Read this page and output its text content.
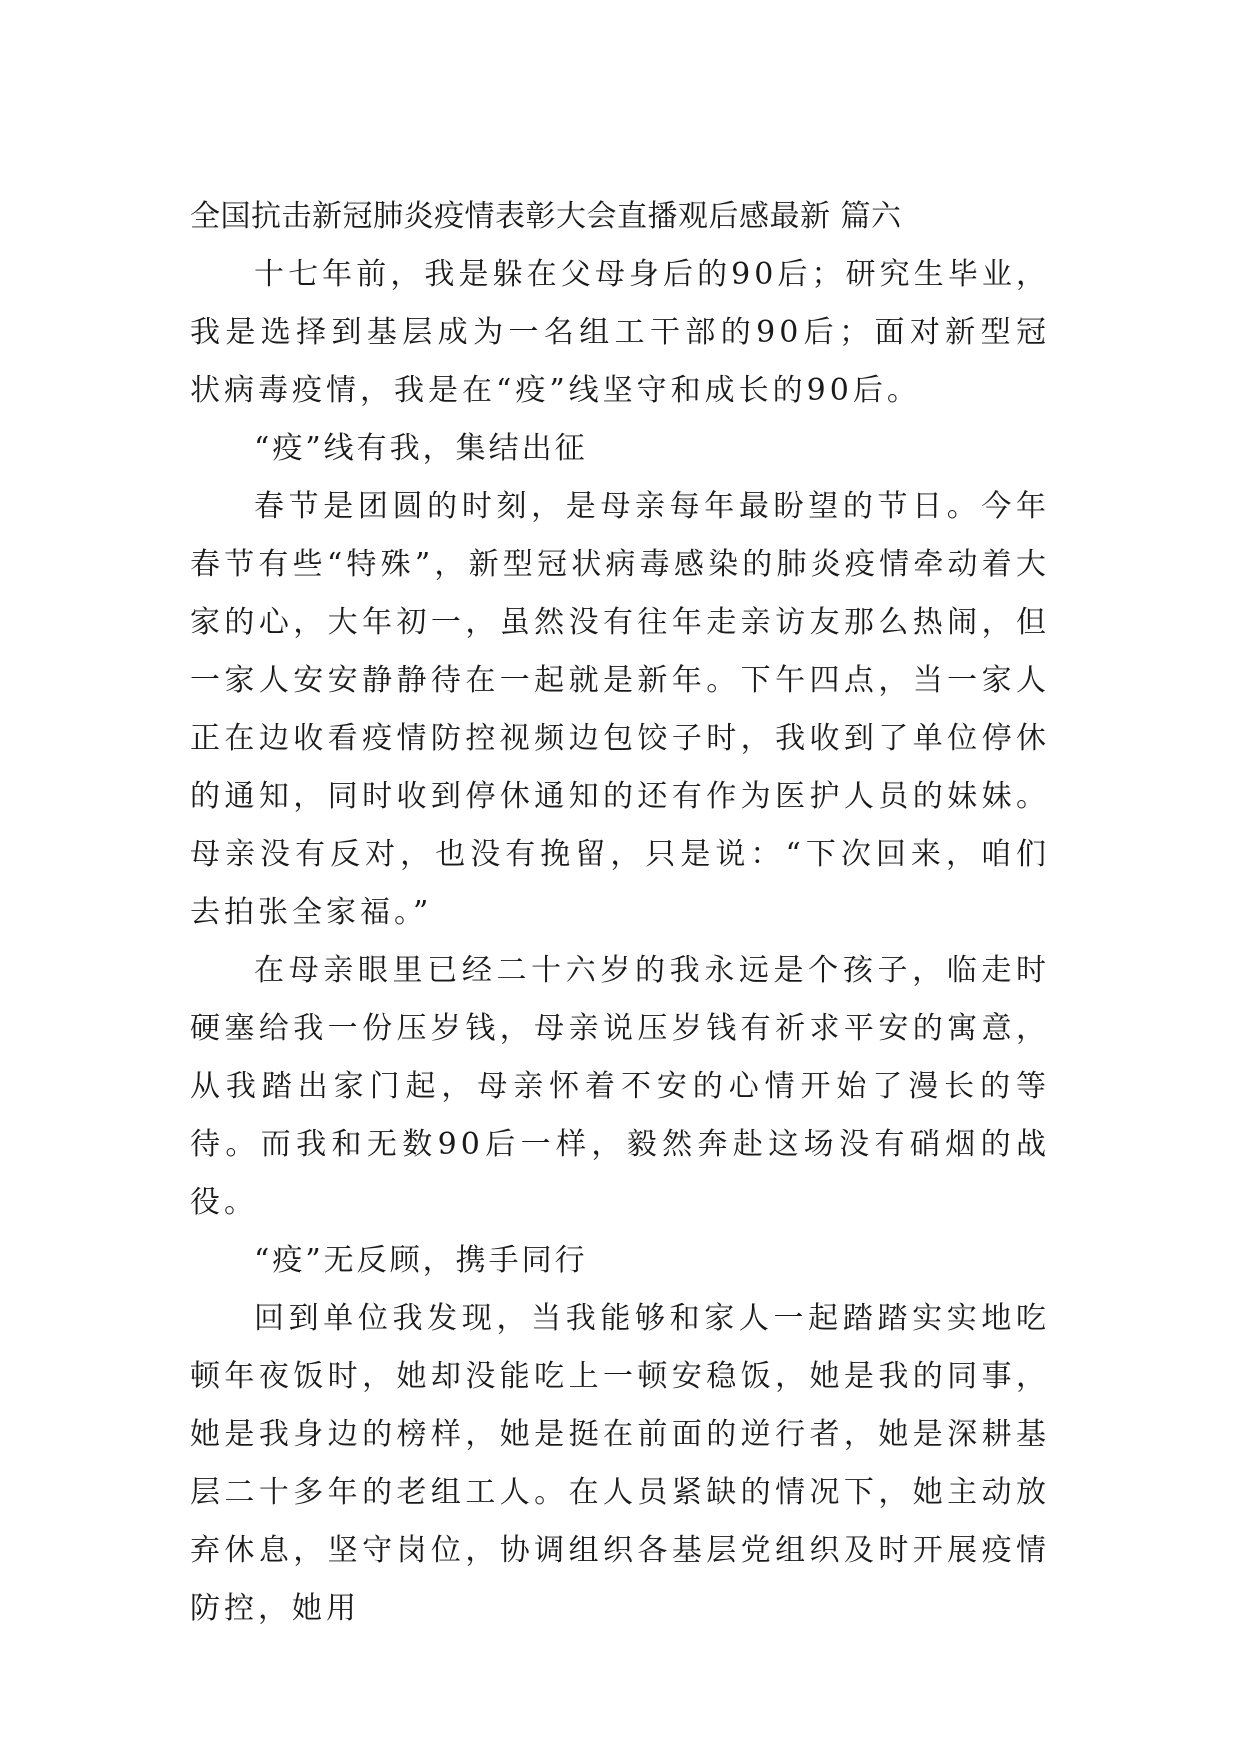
全国抗击新冠肺炎疫情表彰大会直播观后感最新 篇六

十七年前，我是躲在父母身后的90后；研究生毕业，我是选择到基层成为一名组工干部的90后；面对新型冠状病毒疫情，我是在“疫”线坚守和成长的90后。

“疫”线有我，集结出征

春节是团圆的时刻，是母亲每年最盼望的节日。今年春节有些“特殊”，新型冠状病毒感染的肺炎疫情牵动着大家的心，大年初一，虽然没有往年走亲访友那么热闹，但一家人安安静静待在一起就是新年。下午四点，当一家人正在边收看疫情防控视频边包饺子时，我收到了单位停休的通知，同时收到停休通知的还有作为医护人员的妹妹。母亲没有反对，也没有挽留，只是说：“下次回来，咱们去拍张全家福。”

在母亲眼里已经二十六岁的我永远是个孩子，临走时硬塞给我一份压岁钱，母亲说压岁钱有祈求平安的寓意，从我踏出家门起，母亲怀着不安的心情开始了漫长的等待。而我和无数90后一样，毅然奔赴这场没有硝烟的战役。

“疫”无反顾，携手同行

回到单位我发现，当我能够和家人一起踏踏实实地吃顿年夜饭时，她却没能吃上一顿安稳饭，她是我的同事，她是我身边的榜样，她是挺在前面的逆行者，她是深耕基层二十多年的老组工人。在人员紧缺的情况下，她主动放弃休息，坚守岗位，协调组织各基层党组织及时开展疫情防控，她用
